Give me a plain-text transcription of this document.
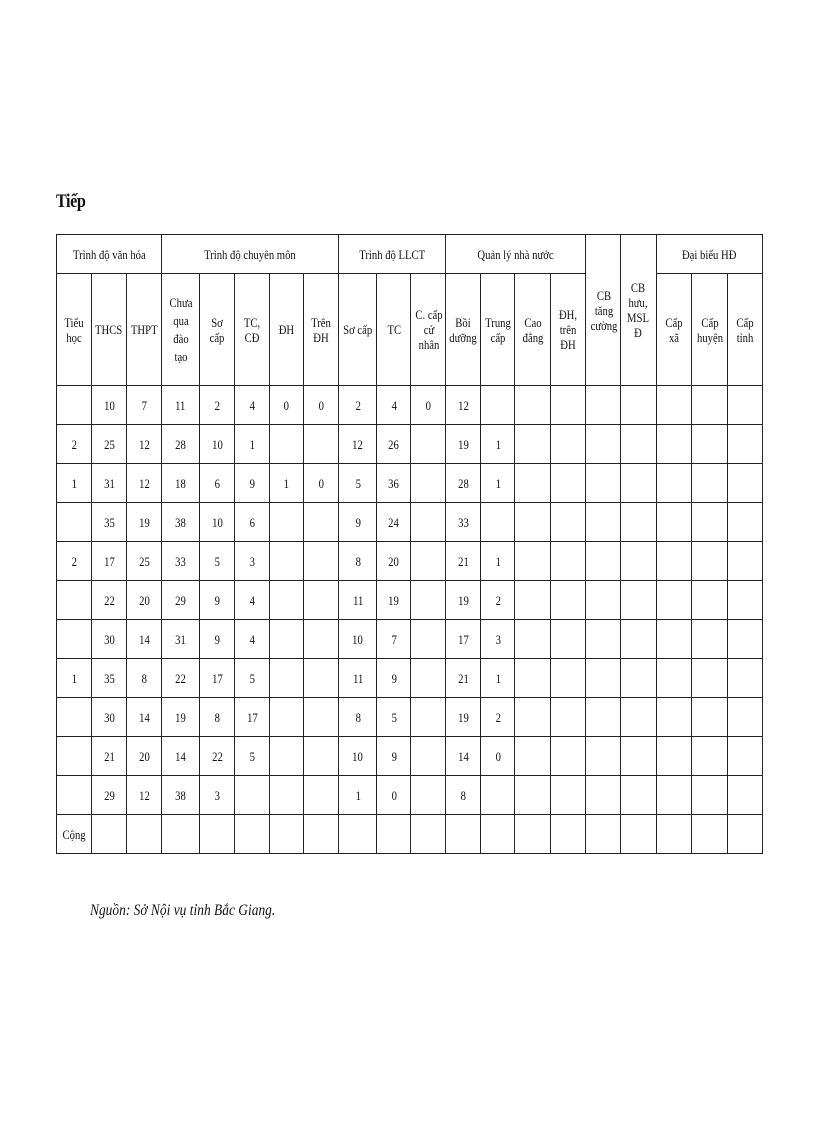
Tiếp
Trình độ văn hóa			Trình độ chuyên môn					Trình độ LLCT			Quản lý nhà nước				CB tăng cường	CB hưu, MSL Đ	Đại biểu HĐ		
Tiểu học	THCS	THPT	Chưa qua đào tạo	Sơ cấp	TC, CĐ	ĐH	Trên ĐH	Sơ cấp	TC	C. cấp cử nhân	Bồi dưỡng	Trung cấp	Cao đẳng	ĐH, trên ĐH			Cấp xã	Cấp huyện	Cấp tỉnh
	10	7	11	2	4	0	0	2	4	0	12								
2	25	12	28	10	1			12	26		19	1							
1	31	12	18	6	9	1	0	5	36		28	1							
	35	19	38	10	6			9	24		33								
2	17	25	33	5	3			8	20		21	1							
	22	20	29	9	4			11	19		19	2							
	30	14	31	9	4			10	7		17	3							
1	35	8	22	17	5			11	9		21	1							
	30	14	19	8	17			8	5		19	2							
	21	20	14	22	5			10	9		14	0							
	29	12	38	3				1	0		8								
Cộng																			
Nguồn: Sở Nội vụ tỉnh Bắc Giang.
